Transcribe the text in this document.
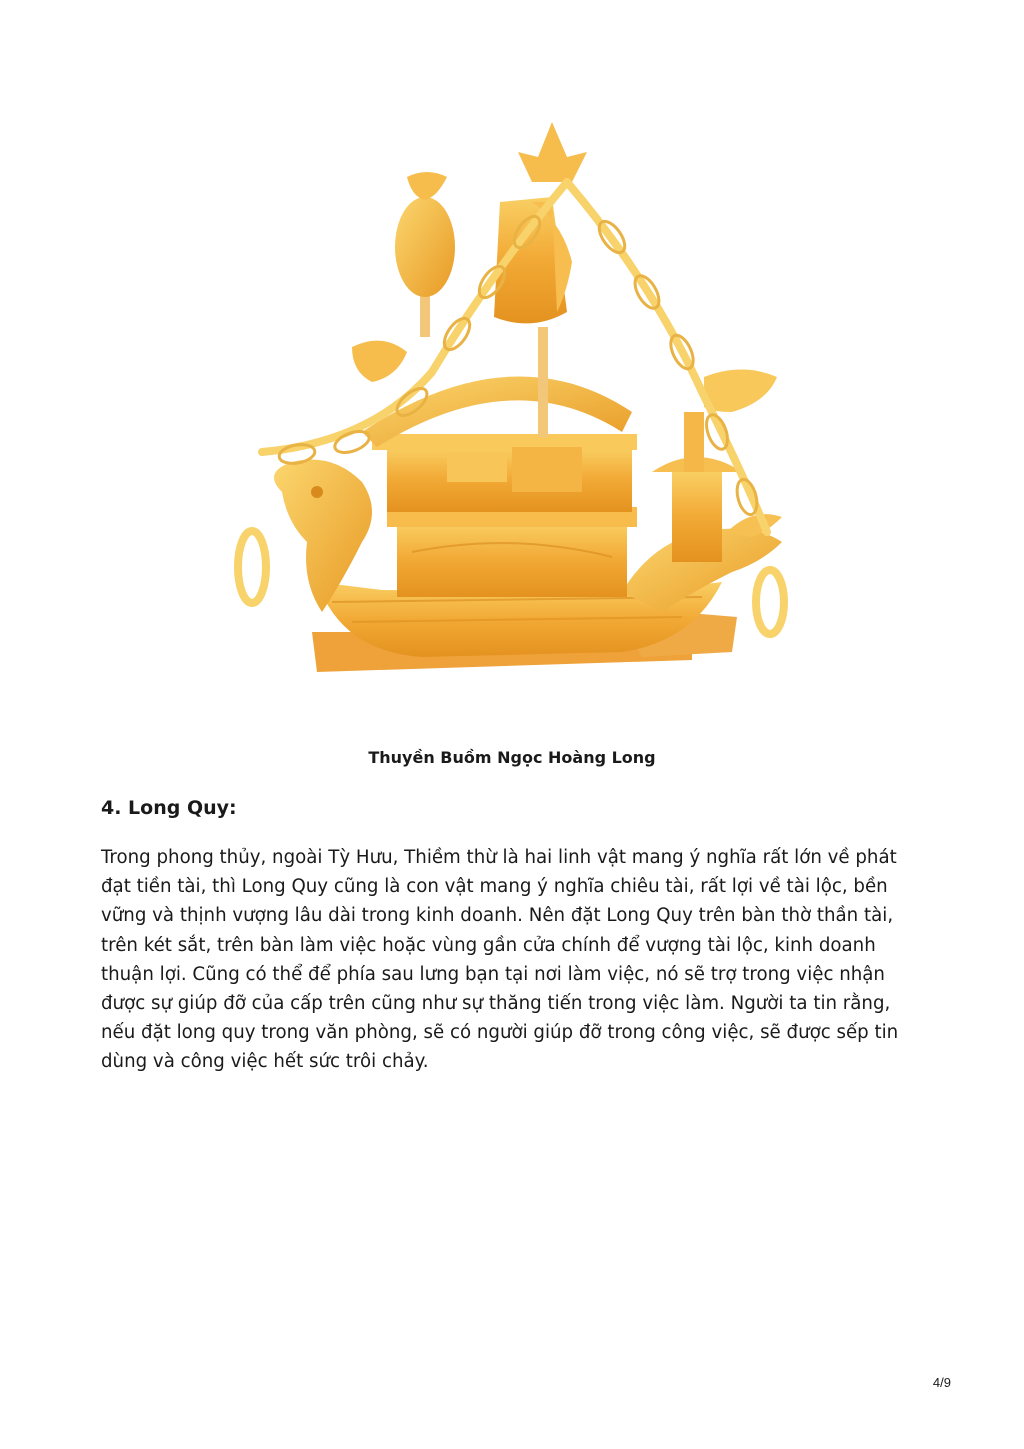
Thuyền Buồm Ngọc Hoàng Long
4. Long Quy:

Trong phong thủy, ngoài Tỳ Hưu, Thiềm thừ là hai linh vật mang ý nghĩa rất lớn về phát đạt tiền tài, thì Long Quy cũng là con vật mang ý nghĩa chiêu tài, rất lợi về tài lộc, bền vững và thịnh vượng lâu dài trong kinh doanh. Nên đặt Long Quy trên bàn thờ thần tài, trên két sắt, trên bàn làm việc hoặc vùng gần cửa chính để vượng tài lộc, kinh doanh thuận lợi. Cũng có thể để phía sau lưng bạn tại nơi làm việc, nó sẽ trợ trong việc nhận được sự giúp đỡ của cấp trên cũng như sự thăng tiến trong việc làm. Người ta tin rằng, nếu đặt long quy trong văn phòng, sẽ có người giúp đỡ trong công việc, sẽ được sếp tin dùng và công việc hết sức trôi chảy.

4/9
